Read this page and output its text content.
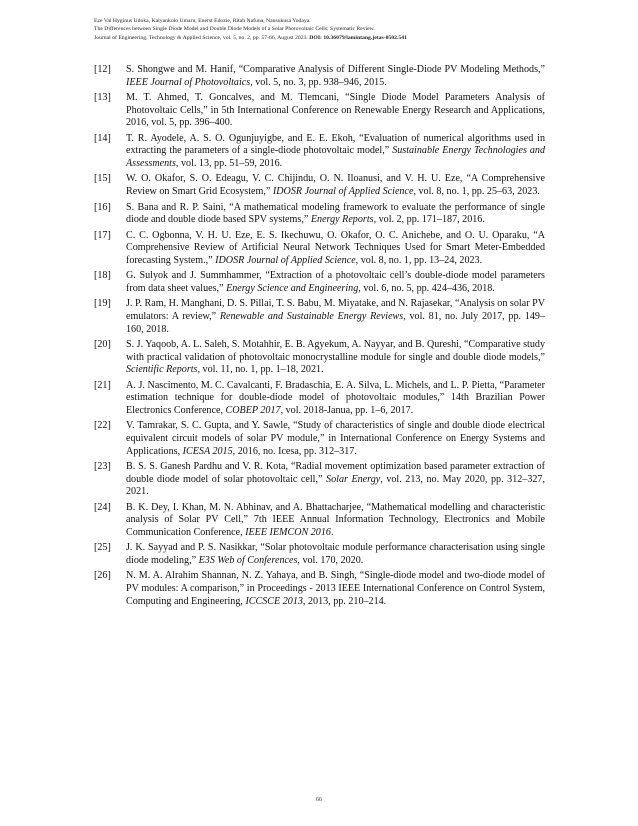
Eze Val Hyginus Udoka, Kalyankolo Umaru, Enerst Edozie, Ritah Nafuna, Nansukusa Yudaya.
The Differences between Single Diode Model and Double Diode Models of a Solar Photovoltaic Cells: Systematic Review.
Journal of Engineering, Technology & Applied Science, vol. 5, no. 2, pp. 57-66, August 2023. DOI: 10.36079/lamintang.jetas-0502.541
[12]	S. Shongwe and M. Hanif, “Comparative Analysis of Different Single-Diode PV Modeling Methods,” IEEE Journal of Photovoltaics, vol. 5, no. 3, pp. 938–946, 2015.
[13]	M. T. Ahmed, T. Goncalves, and M. Tlemcani, “Single Diode Model Parameters Analysis of Photovoltaic Cells,” in 5th International Conference on Renewable Energy Research and Applications, 2016, vol. 5, pp. 396–400.
[14]	T. R. Ayodele, A. S. O. Ogunjuyigbe, and E. E. Ekoh, “Evaluation of numerical algorithms used in extracting the parameters of a single-diode photovoltaic model,” Sustainable Energy Technologies and Assessments, vol. 13, pp. 51–59, 2016.
[15]	W. O. Okafor, S. O. Edeagu, V. C. Chijindu, O. N. Iloanusi, and V. H. U. Eze, “A Comprehensive Review on Smart Grid Ecosystem,” IDOSR Journal of Applied Science, vol. 8, no. 1, pp. 25–63, 2023.
[16]	S. Bana and R. P. Saini, “A mathematical modeling framework to evaluate the performance of single diode and double diode based SPV systems,” Energy Reports, vol. 2, pp. 171–187, 2016.
[17]	C. C. Ogbonna, V. H. U. Eze, E. S. Ikechuwu, O. Okafor, O. C. Anichebe, and O. U. Oparaku, “A Comprehensive Review of Artificial Neural Network Techniques Used for Smart Meter-Embedded forecasting System.,” IDOSR Journal of Applied Science, vol. 8, no. 1, pp. 13–24, 2023.
[18]	G. Sulyok and J. Summhammer, “Extraction of a photovoltaic cell’s double-diode model parameters from data sheet values,” Energy Science and Engineering, vol. 6, no. 5, pp. 424–436, 2018.
[19]	J. P. Ram, H. Manghani, D. S. Pillai, T. S. Babu, M. Miyatake, and N. Rajasekar, “Analysis on solar PV emulators: A review,” Renewable and Sustainable Energy Reviews, vol. 81, no. July 2017, pp. 149–160, 2018.
[20]	S. J. Yaqoob, A. L. Saleh, S. Motahhir, E. B. Agyekum, A. Nayyar, and B. Qureshi, “Comparative study with practical validation of photovoltaic monocrystalline module for single and double diode models,” Scientific Reports, vol. 11, no. 1, pp. 1–18, 2021.
[21]	A. J. Nascimento, M. C. Cavalcanti, F. Bradaschia, E. A. Silva, L. Michels, and L. P. Pietta, “Parameter estimation technique for double-diode model of photovoltaic modules,” 14th Brazilian Power Electronics Conference, COBEP 2017, vol. 2018-Janua, pp. 1–6, 2017.
[22]	V. Tamrakar, S. C. Gupta, and Y. Sawle, “Study of characteristics of single and double diode electrical equivalent circuit models of solar PV module,” in International Conference on Energy Systems and Applications, ICESA 2015, 2016, no. Icesa, pp. 312–317.
[23]	B. S. S. Ganesh Pardhu and V. R. Kota, “Radial movement optimization based parameter extraction of double diode model of solar photovoltaic cell,” Solar Energy, vol. 213, no. May 2020, pp. 312–327, 2021.
[24]	B. K. Dey, I. Khan, M. N. Abhinav, and A. Bhattacharjee, “Mathematical modelling and characteristic analysis of Solar PV Cell,” 7th IEEE Annual Information Technology, Electronics and Mobile Communication Conference, IEEE IEMCON 2016.
[25]	J. K. Sayyad and P. S. Nasikkar, “Solar photovoltaic module performance characterisation using single diode modeling,” E3S Web of Conferences, vol. 170, 2020.
[26]	N. M. A. Alrahim Shannan, N. Z. Yahaya, and B. Singh, “Single-diode model and two-diode model of PV modules: A comparison,” in Proceedings - 2013 IEEE International Conference on Control System, Computing and Engineering, ICCSCE 2013, 2013, pp. 210–214.
66
